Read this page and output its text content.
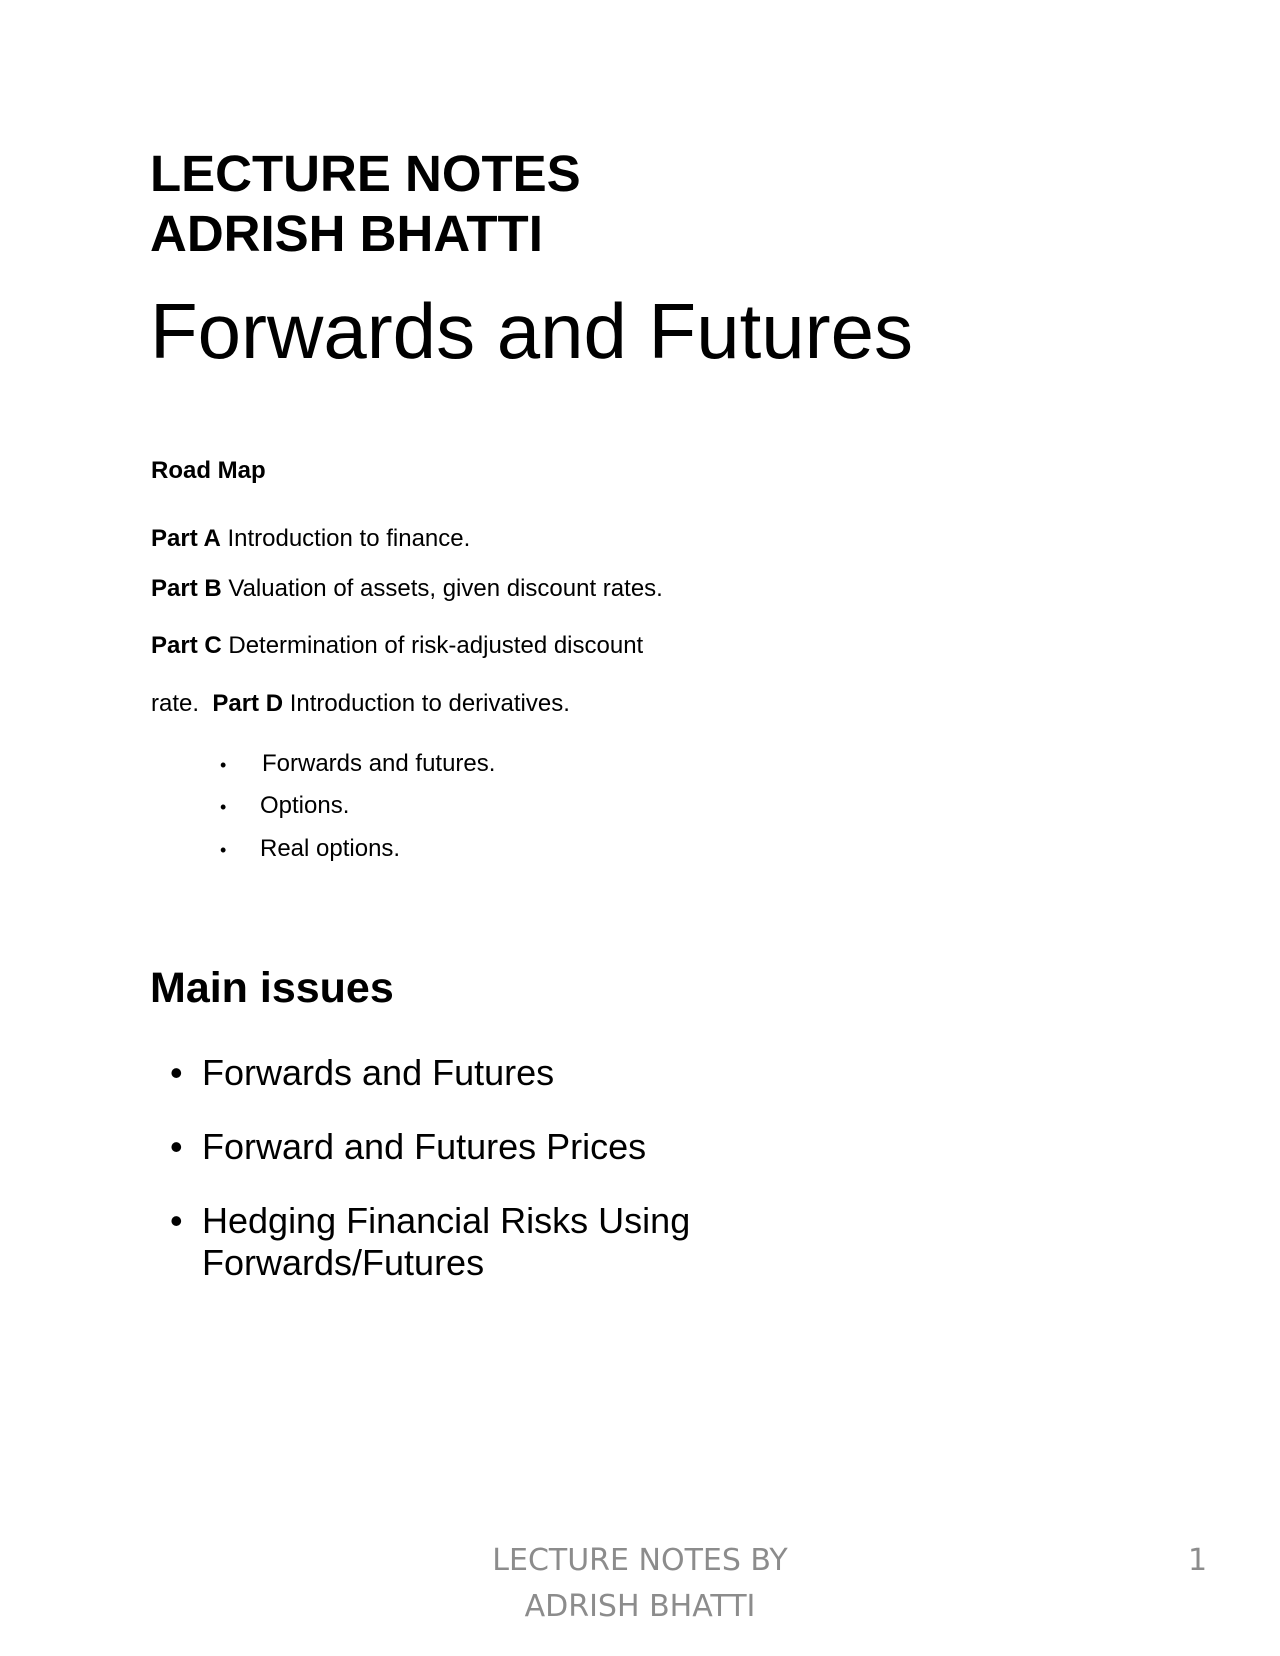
LECTURE NOTES
ADRISH BHATTI
Forwards and Futures
Road Map
Part A Introduction to finance.
Part B Valuation of assets, given discount rates.
Part C Determination of risk-adjusted discount
rate.  Part D Introduction to derivatives.
• Forwards and futures.
• Options.
• Real options.
Main issues
• Forwards and Futures
• Forward and Futures Prices
• Hedging Financial Risks Using
Forwards/Futures
LECTURE NOTES BY
ADRISH BHATTI
1
